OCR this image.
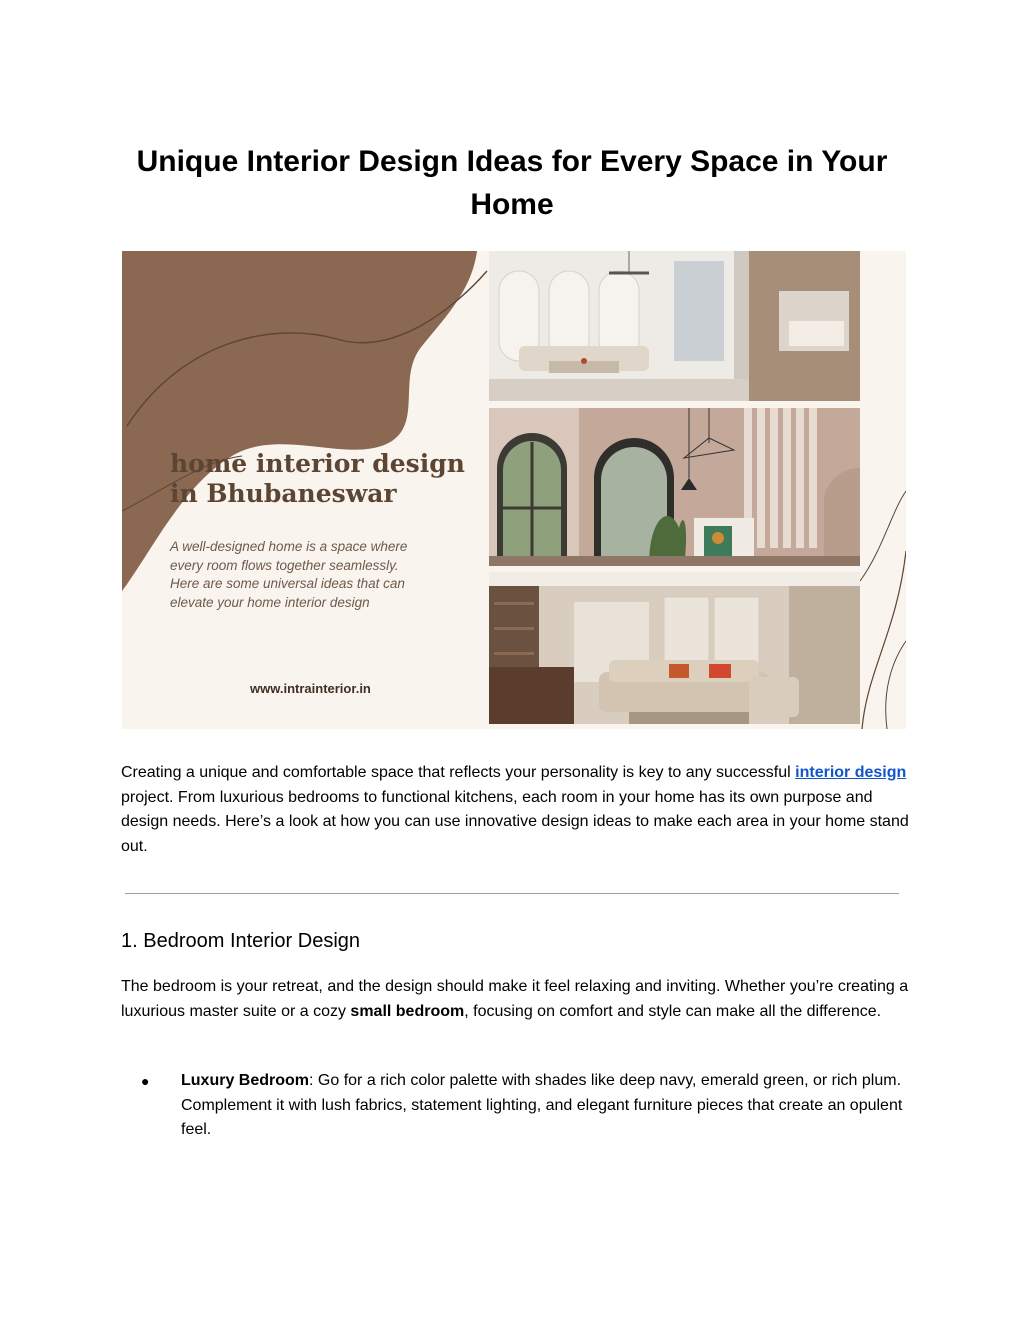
Unique Interior Design Ideas for Every Space in Your Home

home interior design in Bhubaneswar

A well-designed home is a space where every room flows together seamlessly. Here are some universal ideas that can elevate your home interior design

www.intrainterior.in

Creating a unique and comfortable space that reflects your personality is key to any successful interior design project. From luxurious bedrooms to functional kitchens, each room in your home has its own purpose and design needs. Here’s a look at how you can use innovative design ideas to make each area in your home stand out.

1. Bedroom Interior Design

The bedroom is your retreat, and the design should make it feel relaxing and inviting. Whether you’re creating a luxurious master suite or a cozy small bedroom, focusing on comfort and style can make all the difference.

● Luxury Bedroom: Go for a rich color palette with shades like deep navy, emerald green, or rich plum. Complement it with lush fabrics, statement lighting, and elegant furniture pieces that create an opulent feel.
